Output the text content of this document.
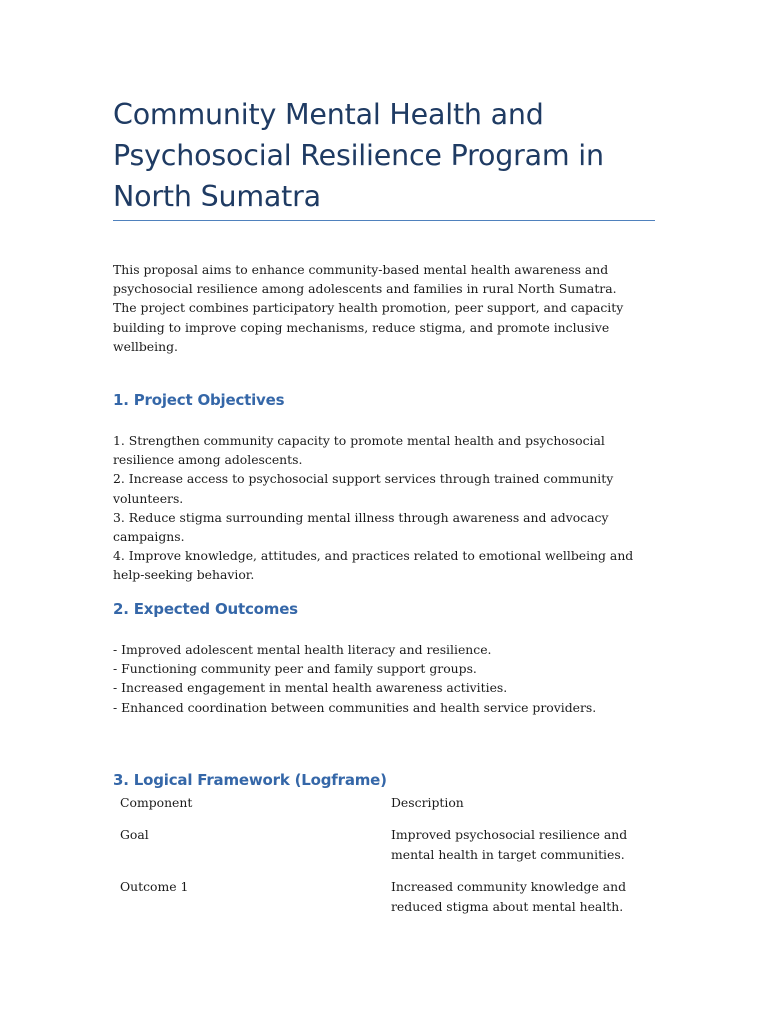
Community Mental Health and Psychosocial Resilience Program in North Sumatra
This proposal aims to enhance community-based mental health awareness and psychosocial resilience among adolescents and families in rural North Sumatra.
The project combines participatory health promotion, peer support, and capacity building to improve coping mechanisms, reduce stigma, and promote inclusive wellbeing.
1. Project Objectives
1. Strengthen community capacity to promote mental health and psychosocial resilience among adolescents.
2. Increase access to psychosocial support services through trained community volunteers.
3. Reduce stigma surrounding mental illness through awareness and advocacy campaigns.
4. Improve knowledge, attitudes, and practices related to emotional wellbeing and help-seeking behavior.
2. Expected Outcomes
- Improved adolescent mental health literacy and resilience.
- Functioning community peer and family support groups.
- Increased engagement in mental health awareness activities.
- Enhanced coordination between communities and health service providers.
3. Logical Framework (Logframe)
Component	Description
Goal	Improved psychosocial resilience and mental health in target communities.
Outcome 1	Increased community knowledge and reduced stigma about mental health.
